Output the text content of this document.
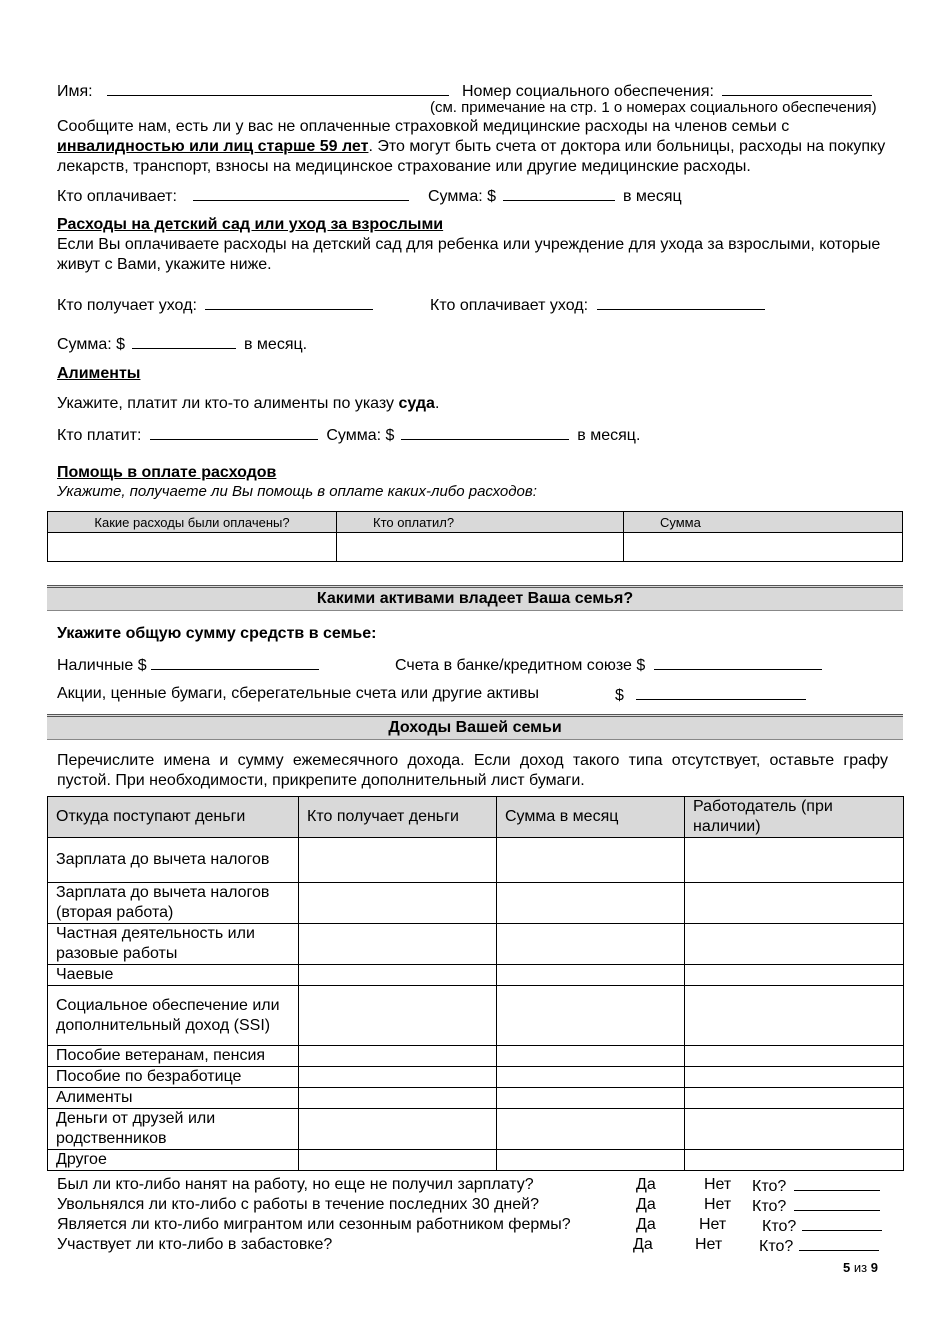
Имя:	Номер социального обеспечения:
(см. примечание на стр. 1 о номерах социального обеспечения)
Сообщите нам, есть ли у вас не оплаченные страховкой медицинские расходы на членов семьи с инвалидностью или лиц старше 59 лет. Это могут быть счета от доктора или больницы, расходы на покупку лекарств, транспорт, взносы на медицинское страхование или другие медицинские расходы.
Кто оплачивает:	Сумма: $	в месяц
Расходы на детский сад или уход за взрослыми
Если Вы оплачиваете расходы на детский сад для ребенка или учреждение для ухода за взрослыми, которые живут с Вами, укажите ниже.
Кто получает уход:	Кто оплачивает уход:
Сумма: $	в месяц.
Алименты
Укажите, платит ли кто-то алименты по указу суда.
Кто платит:	Сумма: $	в месяц.
Помощь в оплате расходов
Укажите, получаете ли Вы помощь в оплате каких-либо расходов:
Какие расходы были оплачены?	Кто оплатил?	Сумма

Какими активами владеет Ваша семья?
Укажите общую сумму средств в семье:
Наличные $	Счета в банке/кредитном союзе $
Акции, ценные бумаги, сберегательные счета или другие активы	$
Доходы Вашей семьи
Перечислите имена и сумму ежемесячного дохода. Если доход такого типа отсутствует, оставьте графу пустой. При необходимости, прикрепите дополнительный лист бумаги.
Откуда поступают деньги	Кто получает деньги	Сумма в месяц	Работодатель (при наличии)
Зарплата до вычета налогов			
Зарплата до вычета налогов (вторая работа)			
Частная деятельность или разовые работы			
Чаевые			
Социальное обеспечение или дополнительный доход (SSI)			
Пособие ветеранам, пенсия			
Пособие по безработице			
Алименты			
Деньги от друзей или родственников			
Другое			
Был ли кто-либо нанят на работу, но еще не получил зарплату?	Да	Нет Кто?
Увольнялся ли кто-либо с работы в течение последних 30 дней?	Да	Нет Кто?
Является ли кто-либо мигрантом или сезонным работником фермы?	Да	Нет Кто?
Участвует ли кто-либо в забастовке?	Да	Нет Кто?
5 из 9
